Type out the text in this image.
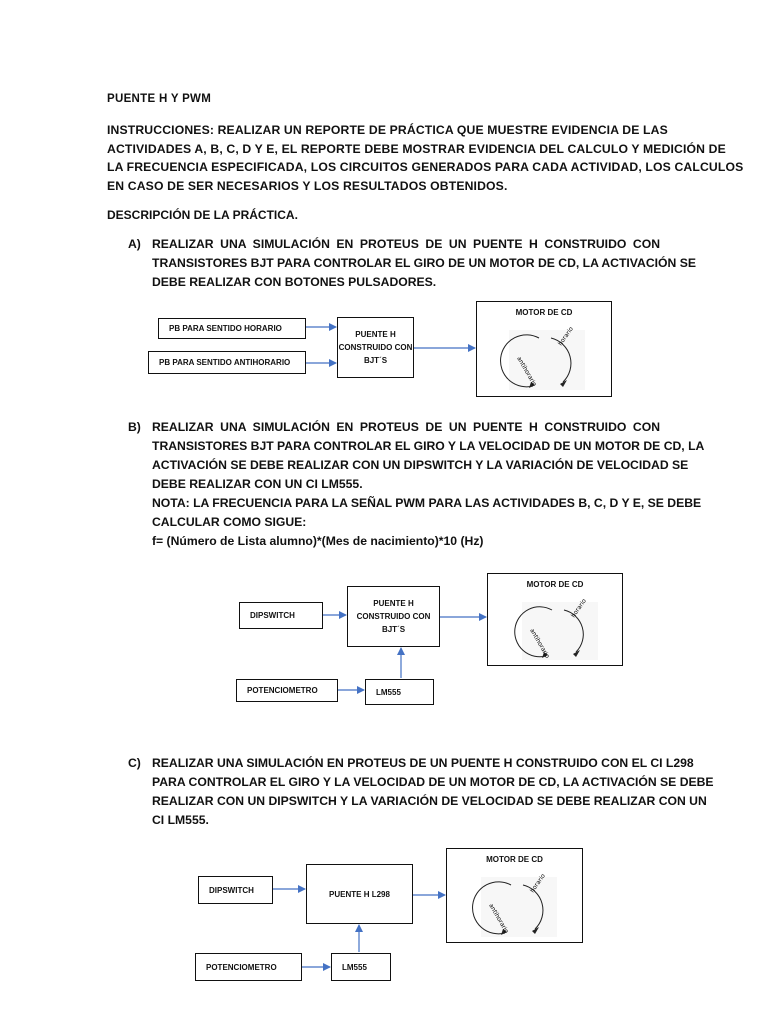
PUENTE H Y PWM
INSTRUCCIONES: REALIZAR UN REPORTE DE PRÁCTICA QUE MUESTRE EVIDENCIA DE LAS
ACTIVIDADES A, B, C, D Y E, EL REPORTE DEBE MOSTRAR EVIDENCIA DEL CALCULO Y MEDICIÓN DE
LA FRECUENCIA ESPECIFICADA, LOS CIRCUITOS GENERADOS PARA CADA ACTIVIDAD, LOS CALCULOS
EN CASO DE SER NECESARIOS Y LOS RESULTADOS OBTENIDOS.
DESCRIPCIÓN DE LA PRÁCTICA.
A) REALIZAR UNA SIMULACIÓN EN PROTEUS DE UN PUENTE H CONSTRUIDO CON
TRANSISTORES BJT PARA CONTROLAR EL GIRO DE UN MOTOR DE CD, LA ACTIVACIÓN SE
DEBE REALIZAR CON BOTONES PULSADORES.
PB PARA SENTIDO HORARIO
PB PARA SENTIDO ANTIHORARIO
PUENTE H CONSTRUIDO CON BJT´S
MOTOR DE CD
horario
antihorario
B) REALIZAR UNA SIMULACIÓN EN PROTEUS DE UN PUENTE H CONSTRUIDO CON
TRANSISTORES BJT PARA CONTROLAR EL GIRO Y LA VELOCIDAD DE UN MOTOR DE CD, LA
ACTIVACIÓN SE DEBE REALIZAR CON UN DIPSWITCH Y LA VARIACIÓN DE VELOCIDAD SE
DEBE REALIZAR CON UN CI LM555.
NOTA: LA FRECUENCIA PARA LA SEÑAL PWM PARA LAS ACTIVIDADES B, C, D Y E, SE DEBE
CALCULAR COMO SIGUE:
f= (Número de Lista alumno)*(Mes de nacimiento)*10 (Hz)
DIPSWITCH
PUENTE H CONSTRUIDO CON BJT´S
POTENCIOMETRO	LM555
MOTOR DE CD
horario
antihorario
C) REALIZAR UNA SIMULACIÓN EN PROTEUS DE UN PUENTE H CONSTRUIDO CON EL CI L298
PARA CONTROLAR EL GIRO Y LA VELOCIDAD DE UN MOTOR DE CD, LA ACTIVACIÓN SE DEBE
REALIZAR CON UN DIPSWITCH Y LA VARIACIÓN DE VELOCIDAD SE DEBE REALIZAR CON UN
CI LM555.
DIPSWITCH	PUENTE H L298
POTENCIOMETRO	LM555
MOTOR DE CD
horario
antihorario
